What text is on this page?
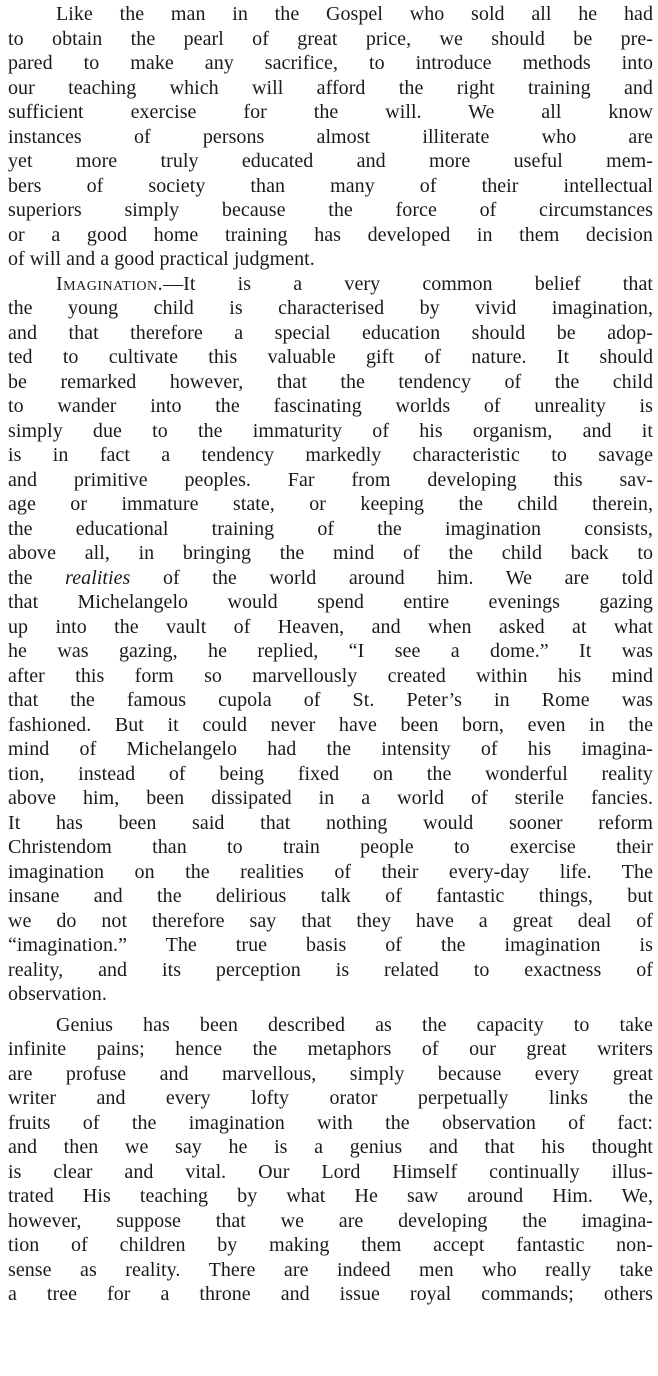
Like the man in the Gospel who sold all he had
to obtain the pearl of great price, we should be pre-
pared to make any sacrifice, to introduce methods into
our teaching which will afford the right training and
sufficient exercise for the will. We all know
instances of persons almost illiterate who are
yet more truly educated and more useful mem-
bers of society than many of their intellectual
superiors simply because the force of circumstances
or a good home training has developed in them decision
of will and a good practical judgment.

Imagination.—It is a very common belief that
the young child is characterised by vivid imagination,
and that therefore a special education should be adop-
ted to cultivate this valuable gift of nature. It should
be remarked however, that the tendency of the child
to wander into the fascinating worlds of unreality is
simply due to the immaturity of his organism, and it
is in fact a tendency markedly characteristic to savage
and primitive peoples. Far from developing this sav-
age or immature state, or keeping the child therein,
the educational training of the imagination consists,
above all, in bringing the mind of the child back to
the realities of the world around him. We are told
that Michelangelo would spend entire evenings gazing
up into the vault of Heaven, and when asked at what
he was gazing, he replied, “I see a dome.” It was
after this form so marvellously created within his mind
that the famous cupola of St. Peter’s in Rome was
fashioned. But it could never have been born, even in the
mind of Michelangelo had the intensity of his imagina-
tion, instead of being fixed on the wonderful reality
above him, been dissipated in a world of sterile fancies.
It has been said that nothing would sooner reform
Christendom than to train people to exercise their
imagination on the realities of their every-day life. The
insane and the delirious talk of fantastic things, but
we do not therefore say that they have a great deal of
“imagination.” The true basis of the imagination is
reality, and its perception is related to exactness of
observation.

Genius has been described as the capacity to take
infinite pains; hence the metaphors of our great writers
are profuse and marvellous, simply because every great
writer and every lofty orator perpetually links the
fruits of the imagination with the observation of fact:
and then we say he is a genius and that his thought
is clear and vital. Our Lord Himself continually illus-
trated His teaching by what He saw around Him. We,
however, suppose that we are developing the imagina-
tion of children by making them accept fantastic non-
sense as reality. There are indeed men who really take
a tree for a throne and issue royal commands; others
